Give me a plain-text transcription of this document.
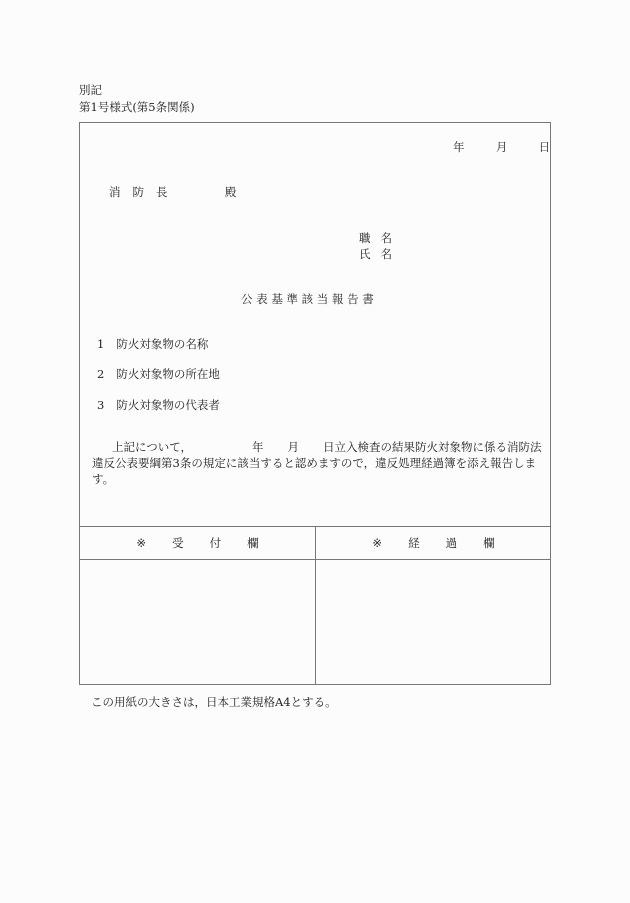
別記
第1号様式(第5条関係)
年	月	日
消 防 長	殿
職 名
氏 名
公 表 基 準 該 当 報 告 書
1 防火対象物の名称
2 防火対象物の所在地
3 防火対象物の代表者
上記について，	年 月 日立入検査の結果防火対象物に係る消防法
違反公表要綱第3条の規定に該当すると認めますので，違反処理経過簿を添え報告しま
す。
※ 受 付 欄	※ 経 過 欄
この用紙の大きさは，日本工業規格A4とする。
